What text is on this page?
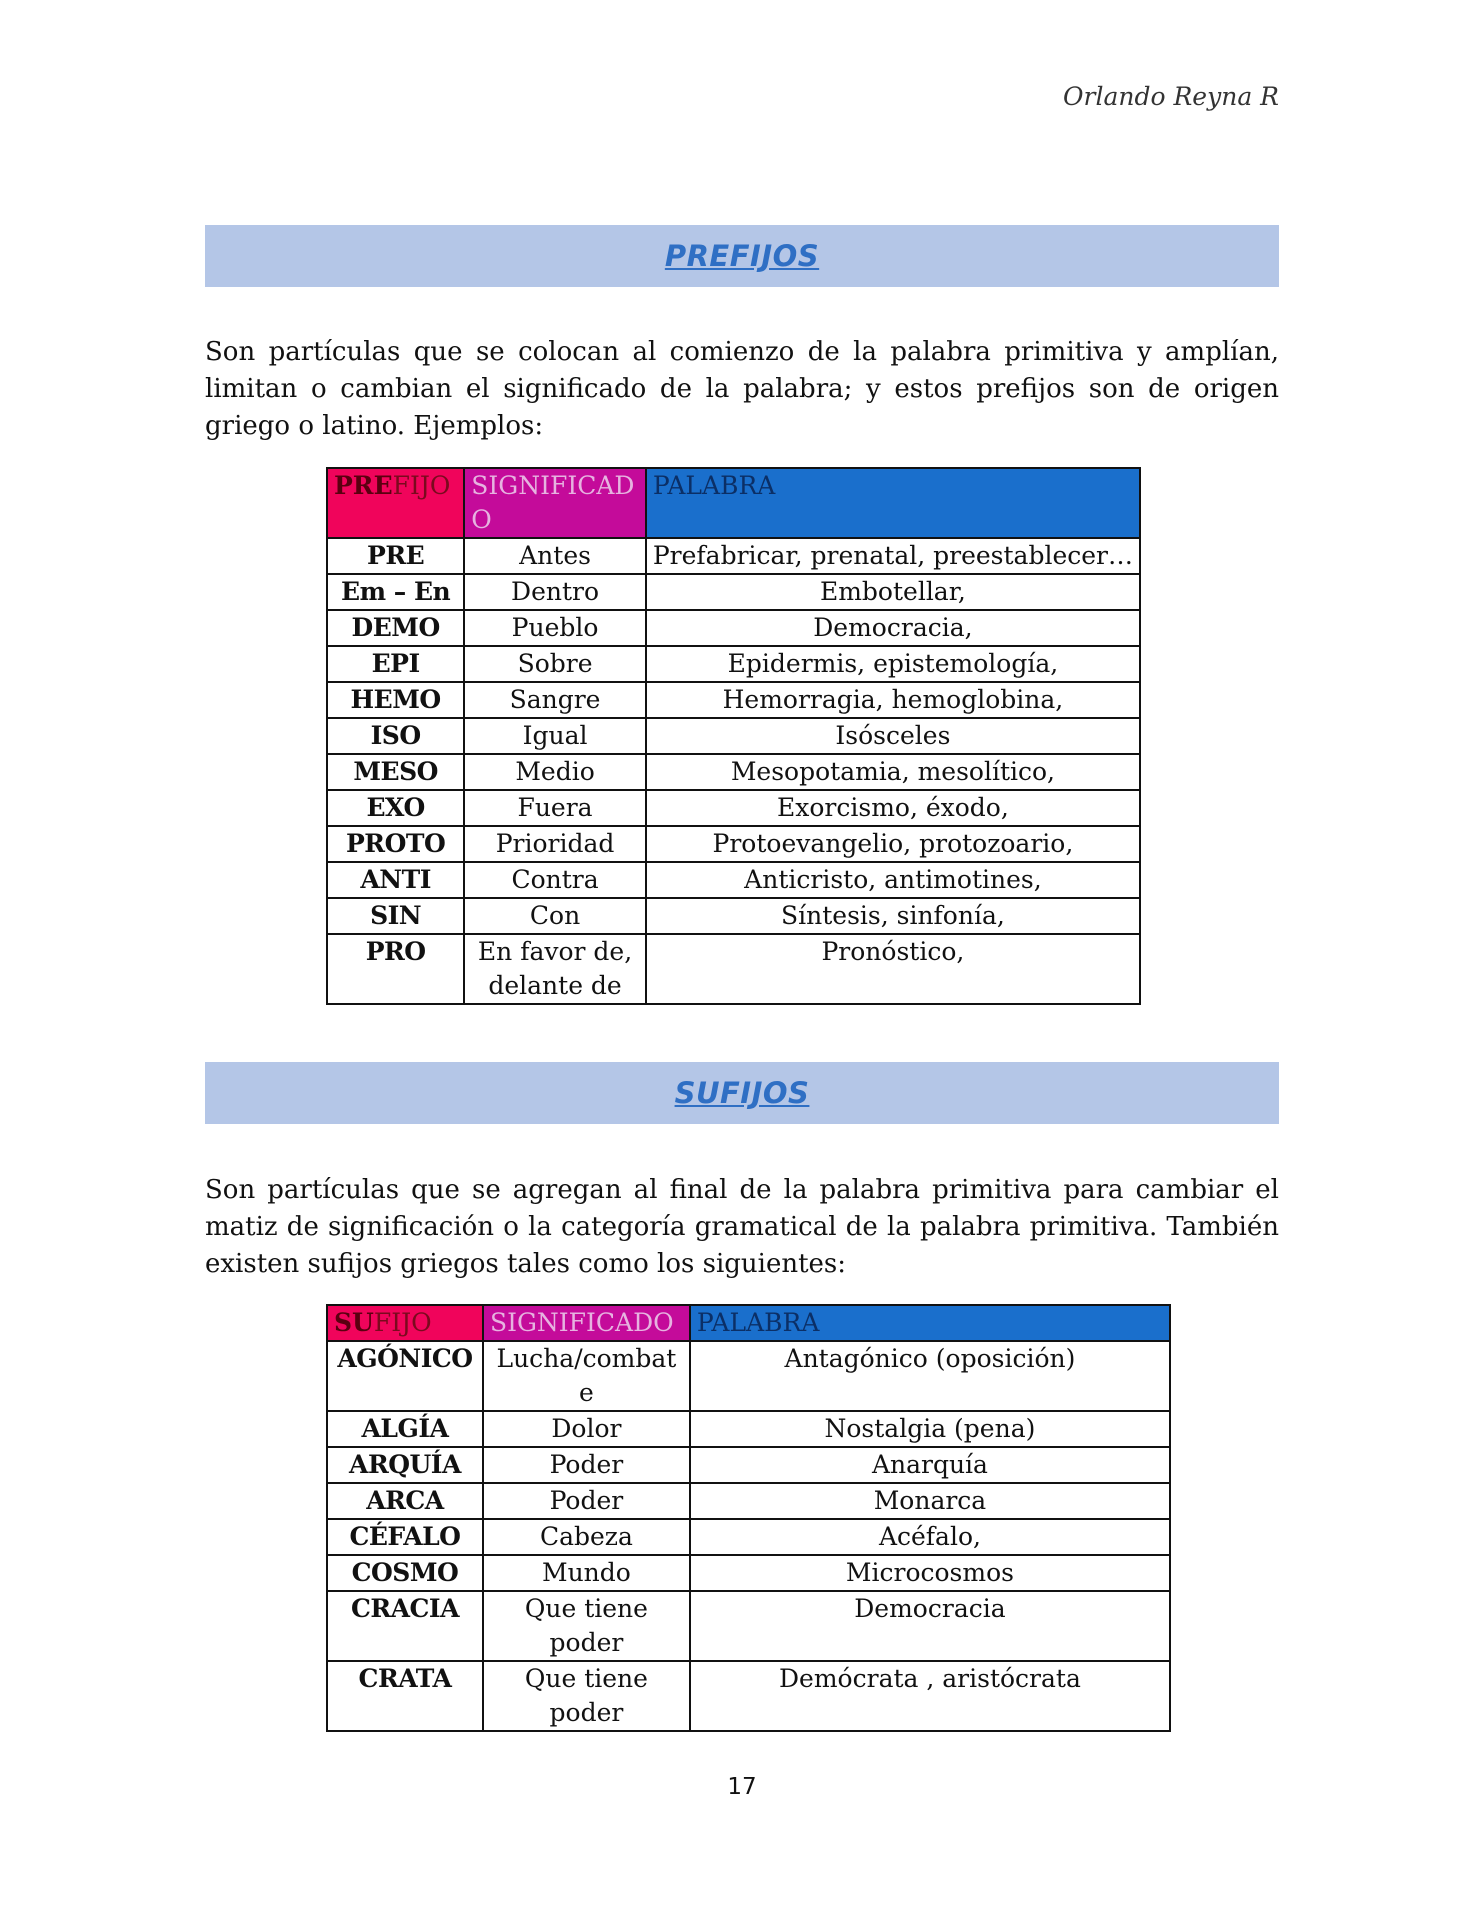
Orlando Reyna R
PREFIJOS
Son partículas que se colocan al comienzo de la palabra primitiva y amplían, limitan o cambian el significado de la palabra; y estos prefijos son de origen griego o latino. Ejemplos:
PREFIJO	SIGNIFICADO	PALABRA
PRE	Antes	Prefabricar, prenatal, preestablecer…
Em – En	Dentro	Embotellar,
DEMO	Pueblo	Democracia,
EPI	Sobre	Epidermis, epistemología,
HEMO	Sangre	Hemorragia, hemoglobina,
ISO	Igual	Isósceles
MESO	Medio	Mesopotamia, mesolítico,
EXO	Fuera	Exorcismo, éxodo,
PROTO	Prioridad	Protoevangelio, protozoario,
ANTI	Contra	Anticristo, antimotines,
SIN	Con	Síntesis, sinfonía,
PRO	En favor de, delante de	Pronóstico,
SUFIJOS
Son partículas que se agregan al final de la palabra primitiva para cambiar el matiz de significación o la categoría gramatical de la palabra primitiva. También existen sufijos griegos tales como los siguientes:
SUFIJO	SIGNIFICADO	PALABRA
AGÓNICO	Lucha/combate	Antagónico (oposición)
ALGÍA	Dolor	Nostalgia (pena)
ARQUÍA	Poder	Anarquía
ARCA	Poder	Monarca
CÉFALO	Cabeza	Acéfalo,
COSMO	Mundo	Microcosmos
CRACIA	Que tiene poder	Democracia
CRATA	Que tiene poder	Demócrata , aristócrata
17
